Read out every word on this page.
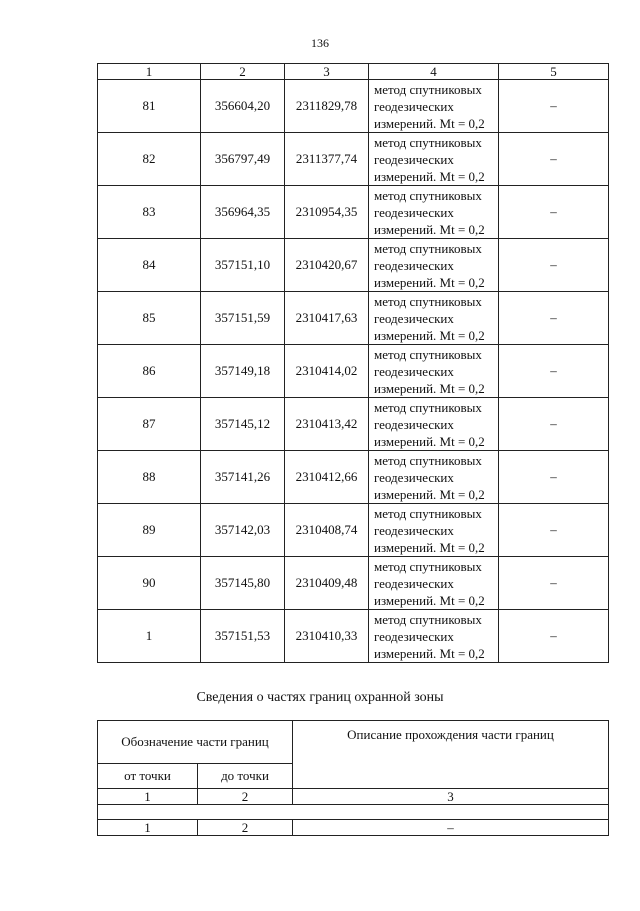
136
1	2	3	4	5
81	356604,20	2311829,78	метод спутниковых
геодезических
измерений. Mt = 0,2	–
82	356797,49	2311377,74	метод спутниковых
геодезических
измерений. Mt = 0,2	–
83	356964,35	2310954,35	метод спутниковых
геодезических
измерений. Mt = 0,2	–
84	357151,10	2310420,67	метод спутниковых
геодезических
измерений. Mt = 0,2	–
85	357151,59	2310417,63	метод спутниковых
геодезических
измерений. Mt = 0,2	–
86	357149,18	2310414,02	метод спутниковых
геодезических
измерений. Mt = 0,2	–
87	357145,12	2310413,42	метод спутниковых
геодезических
измерений. Mt = 0,2	–
88	357141,26	2310412,66	метод спутниковых
геодезических
измерений. Mt = 0,2	–
89	357142,03	2310408,74	метод спутниковых
геодезических
измерений. Mt = 0,2	–
90	357145,80	2310409,48	метод спутниковых
геодезических
измерений. Mt = 0,2	–
1	357151,53	2310410,33	метод спутниковых
геодезических
измерений. Mt = 0,2	–
Сведения о частях границ охранной зоны
Обозначение части границ		Описание прохождения части границ
от точки	до точки	
1	2	3

1	2	–
